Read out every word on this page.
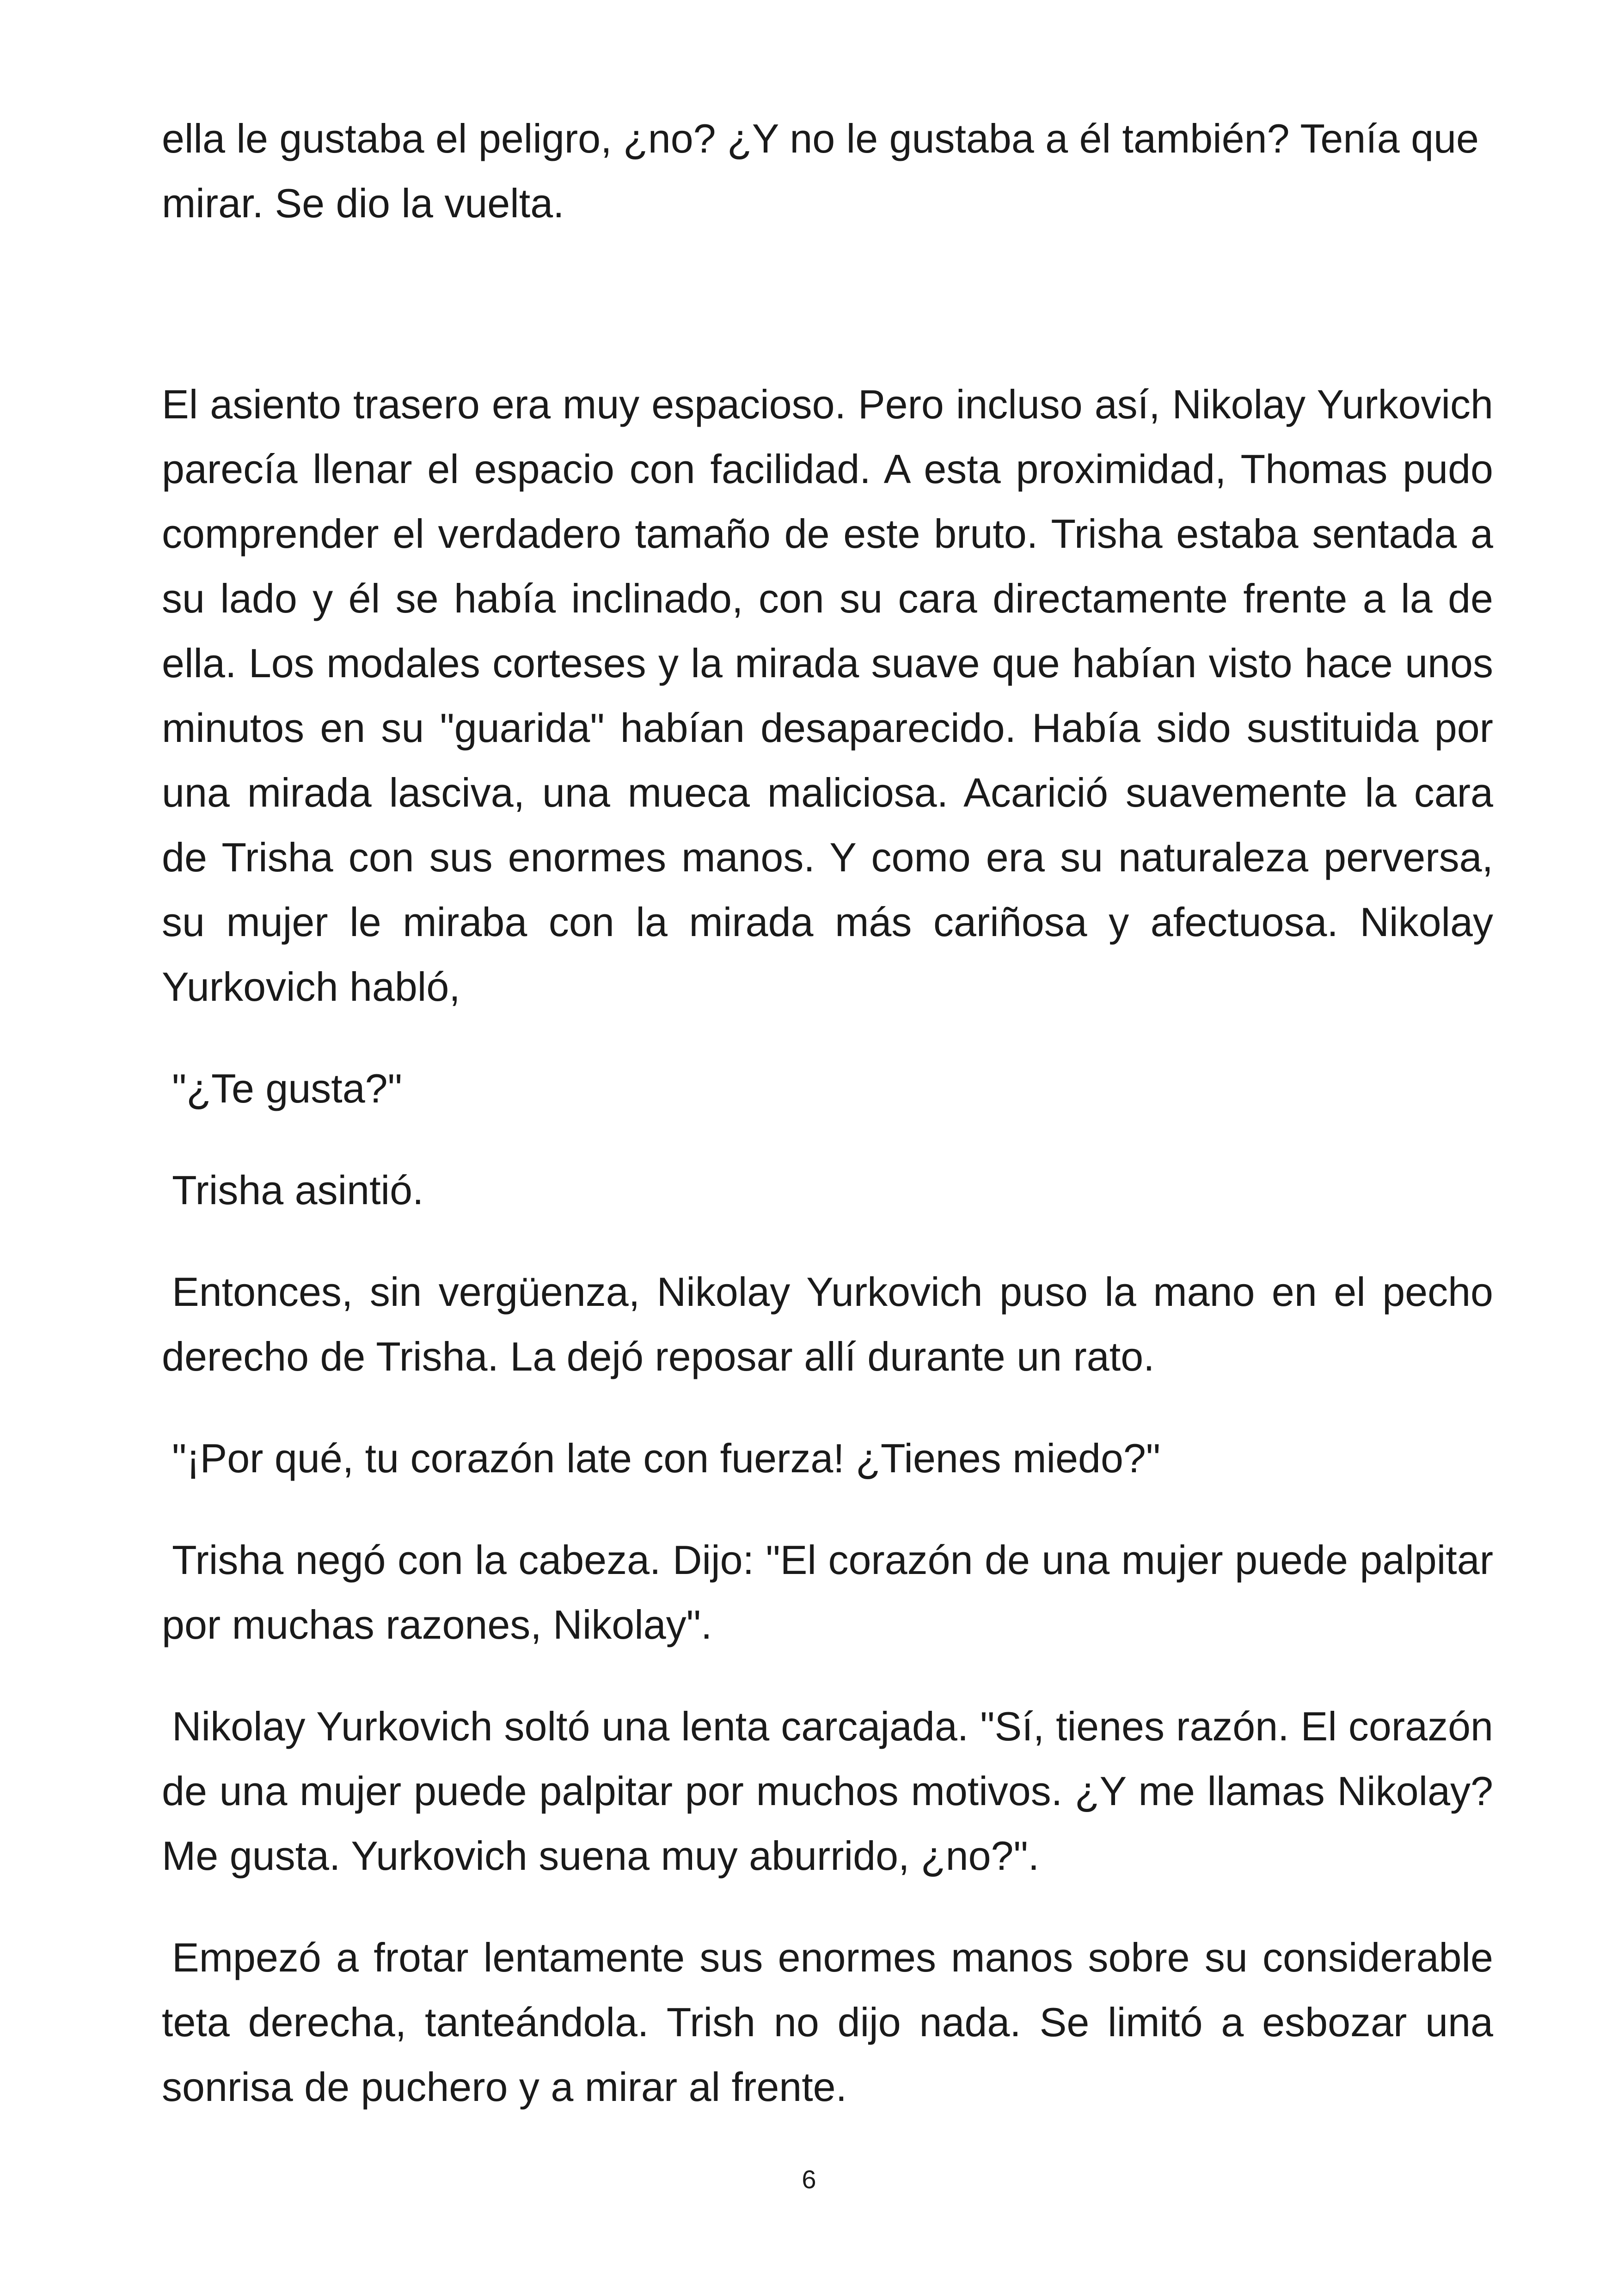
ella le gustaba el peligro, ¿no? ¿Y no le gustaba a él también? Tenía que mirar. Se dio la vuelta.

El asiento trasero era muy espacioso. Pero incluso así, Nikolay Yurkovich parecía llenar el espacio con facilidad. A esta proximidad, Thomas pudo comprender el verdadero tamaño de este bruto. Trisha estaba sentada a su lado y él se había inclinado, con su cara directamente frente a la de ella. Los modales corteses y la mirada suave que habían visto hace unos minutos en su "guarida" habían desaparecido. Había sido sustituida por una mirada lasciva, una mueca maliciosa. Acarició suavemente la cara de Trisha con sus enormes manos. Y como era su naturaleza perversa, su mujer le miraba con la mirada más cariñosa y afectuosa. Nikolay Yurkovich habló,

"¿Te gusta?"

Trisha asintió.

Entonces, sin vergüenza, Nikolay Yurkovich puso la mano en el pecho derecho de Trisha. La dejó reposar allí durante un rato.

"¡Por qué, tu corazón late con fuerza! ¿Tienes miedo?"

Trisha negó con la cabeza. Dijo: "El corazón de una mujer puede palpitar por muchas razones, Nikolay".

Nikolay Yurkovich soltó una lenta carcajada. "Sí, tienes razón. El corazón de una mujer puede palpitar por muchos motivos. ¿Y me llamas Nikolay? Me gusta. Yurkovich suena muy aburrido, ¿no?".

Empezó a frotar lentamente sus enormes manos sobre su considerable teta derecha, tanteándola. Trish no dijo nada. Se limitó a esbozar una sonrisa de puchero y a mirar al frente.

6
